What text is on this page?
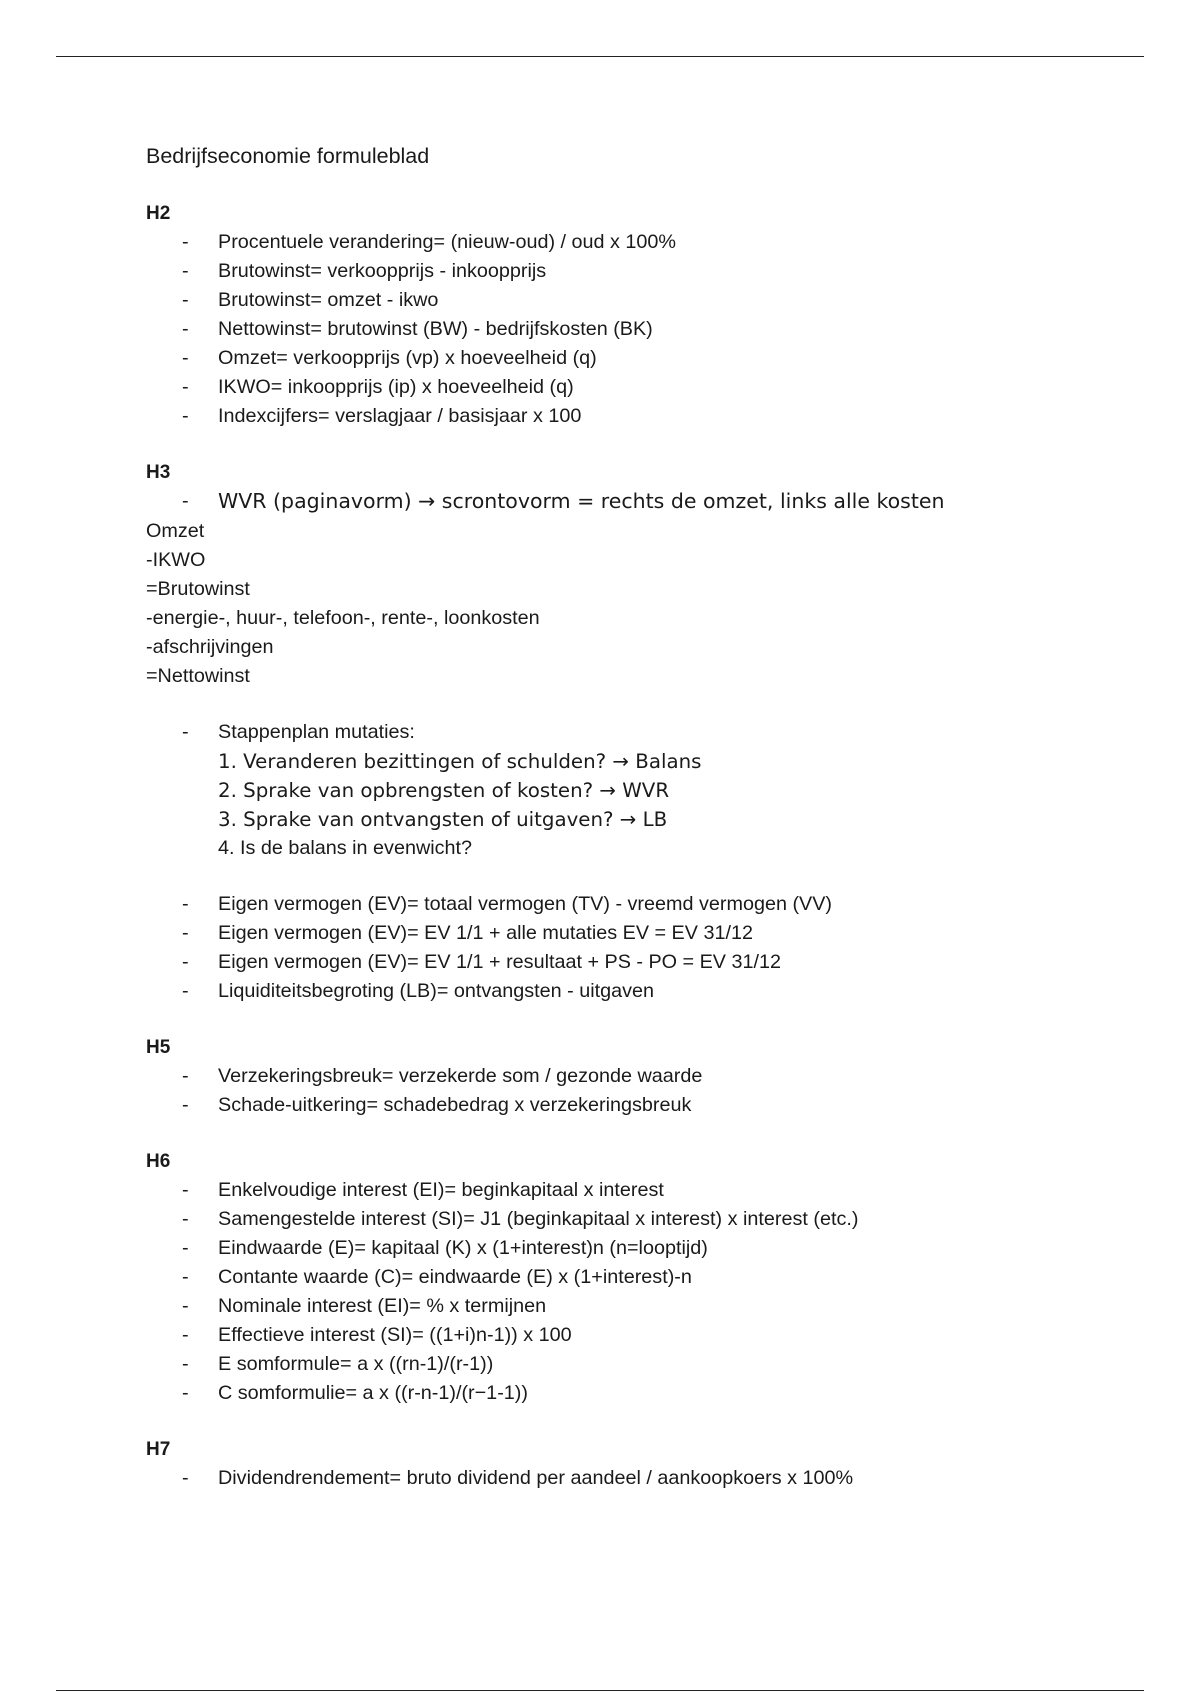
Bedrijfseconomie formuleblad

H2

- Procentuele verandering= (nieuw-oud) / oud x 100%
- Brutowinst= verkoopprijs - inkoopprijs
- Brutowinst= omzet - ikwo
- Nettowinst= brutowinst (BW) - bedrijfskosten (BK)
- Omzet= verkoopprijs (vp) x hoeveelheid (q)
- IKWO= inkoopprijs (ip) x hoeveelheid (q)
- Indexcijfers= verslagjaar / basisjaar x 100

H3

- WVR (paginavorm) → scrontovorm = rechts de omzet, links alle kosten

Omzet

-IKWO

=Brutowinst

-energie-, huur-, telefoon-, rente-, loonkosten

-afschrijvingen

=Nettowinst

- Stappenplan mutaties:
1. Veranderen bezittingen of schulden? → Balans
2. Sprake van opbrengsten of kosten? → WVR
3. Sprake van ontvangsten of uitgaven? → LB
4. Is de balans in evenwicht?
- Eigen vermogen (EV)= totaal vermogen (TV) - vreemd vermogen (VV)
- Eigen vermogen (EV)= EV 1/1 + alle mutaties EV = EV 31/12
- Eigen vermogen (EV)= EV 1/1 + resultaat + PS - PO = EV 31/12
- Liquiditeitsbegroting (LB)= ontvangsten - uitgaven

H5

- Verzekeringsbreuk= verzekerde som / gezonde waarde
- Schade-uitkering= schadebedrag x verzekeringsbreuk

H6

- Enkelvoudige interest (EI)= beginkapitaal x interest
- Samengestelde interest (SI)= J1 (beginkapitaal x interest) x interest (etc.)
- Eindwaarde (E)= kapitaal (K) x (1+interest)n (n=looptijd)
- Contante waarde (C)= eindwaarde (E) x (1+interest)-n
- Nominale interest (EI)= % x termijnen
- Effectieve interest (SI)= ((1+i)n-1)) x 100
- E somformule= a x ((rn-1)/(r-1))
- C somformulie= a x ((r-n-1)/(r−1-1))

H7

- Dividendrendement= bruto dividend per aandeel / aankoopkoers x 100%
